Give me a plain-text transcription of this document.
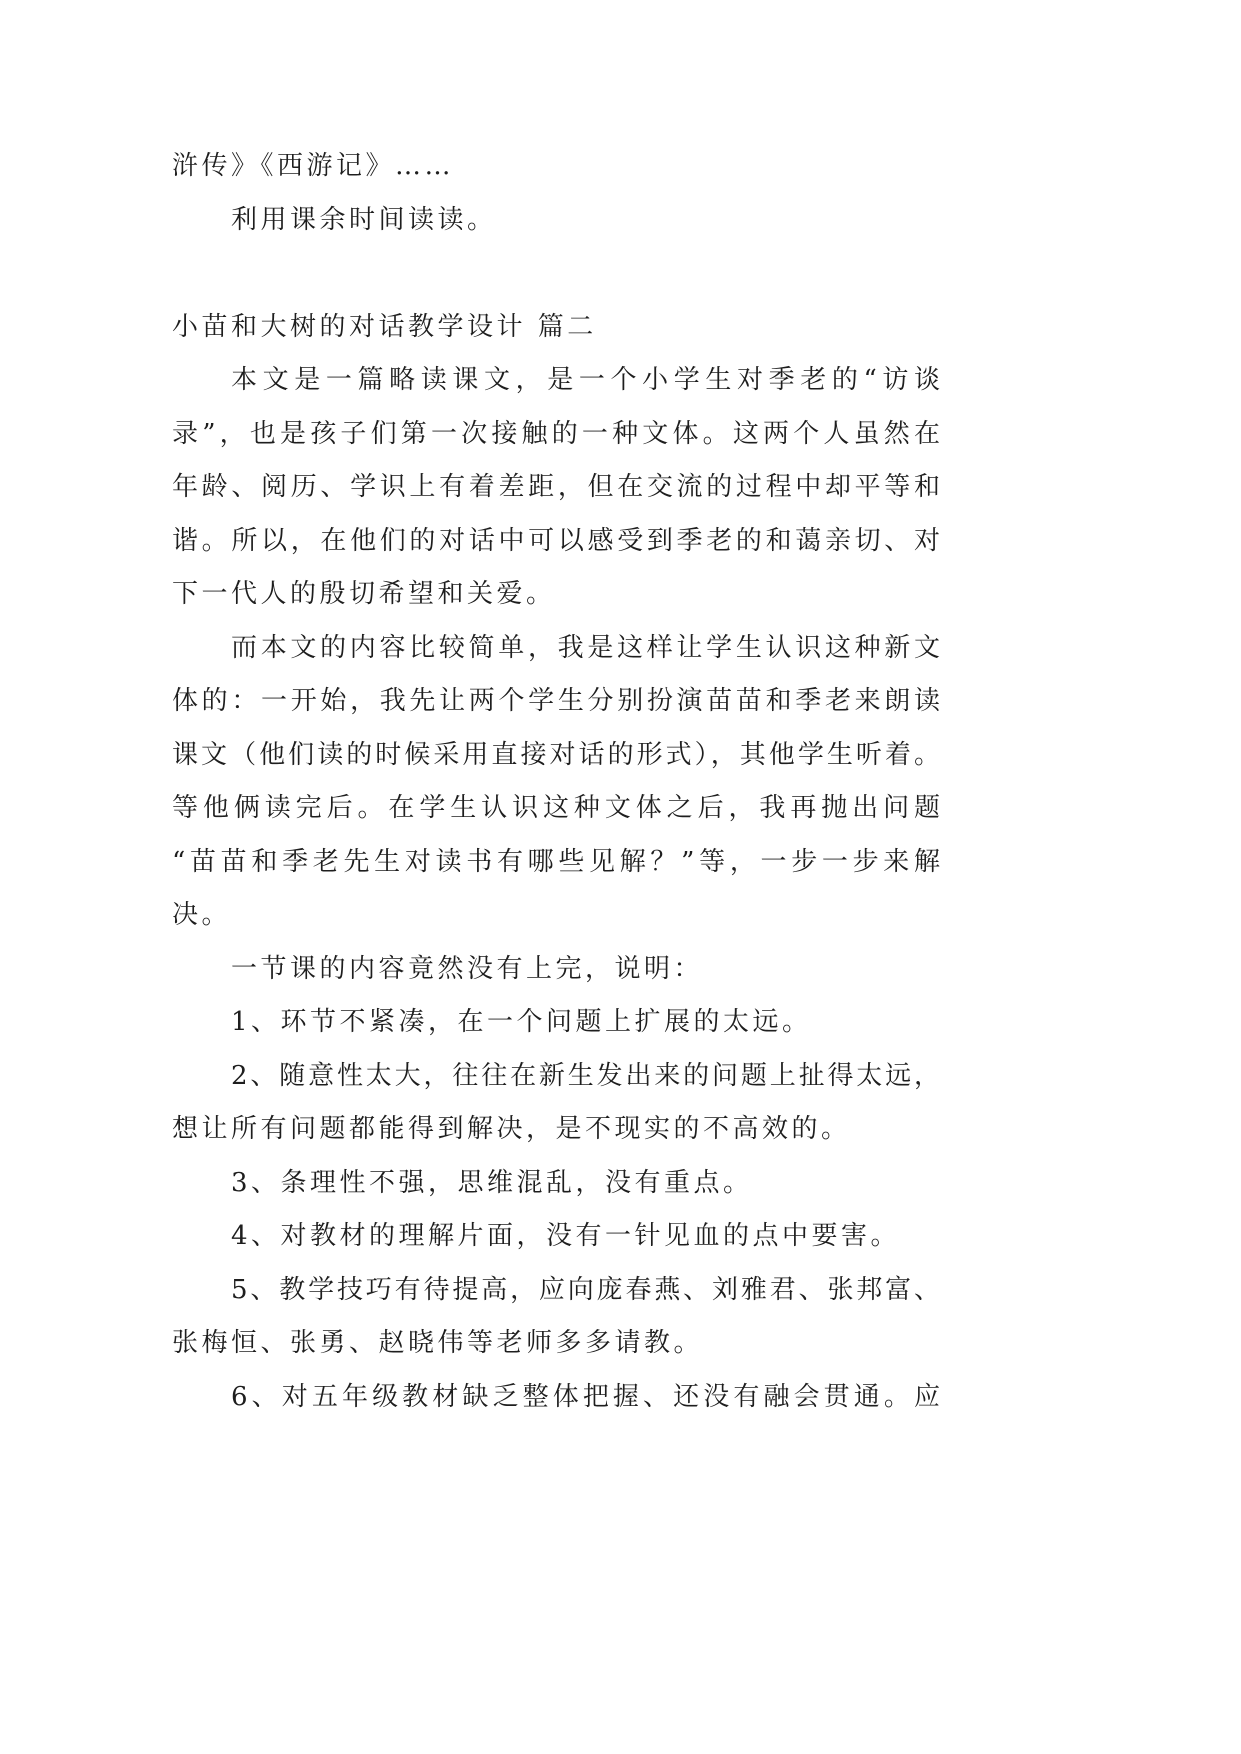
浒传》《西游记》……
利用课余时间读读。
小苗和大树的对话教学设计 篇二
本文是一篇略读课文，是一个小学生对季老的“访谈
录”，也是孩子们第一次接触的一种文体。这两个人虽然在
年龄、阅历、学识上有着差距，但在交流的过程中却平等和
谐。所以，在他们的对话中可以感受到季老的和蔼亲切、对
下一代人的殷切希望和关爱。
而本文的内容比较简单，我是这样让学生认识这种新文
体的：一开始，我先让两个学生分别扮演苗苗和季老来朗读
课文（他们读的时候采用直接对话的形式），其他学生听着。
等他俩读完后。在学生认识这种文体之后，我再抛出问题
“苗苗和季老先生对读书有哪些见解？”等，一步一步来解
决。
一节课的内容竟然没有上完，说明：
1、环节不紧凑，在一个问题上扩展的太远。
2、随意性太大，往往在新生发出来的问题上扯得太远，
想让所有问题都能得到解决，是不现实的不高效的。
3、条理性不强，思维混乱，没有重点。
4、对教材的理解片面，没有一针见血的点中要害。
5、教学技巧有待提高，应向庞春燕、刘雅君、张邦富、
张梅恒、张勇、赵晓伟等老师多多请教。
6、对五年级教材缺乏整体把握、还没有融会贯通。应
